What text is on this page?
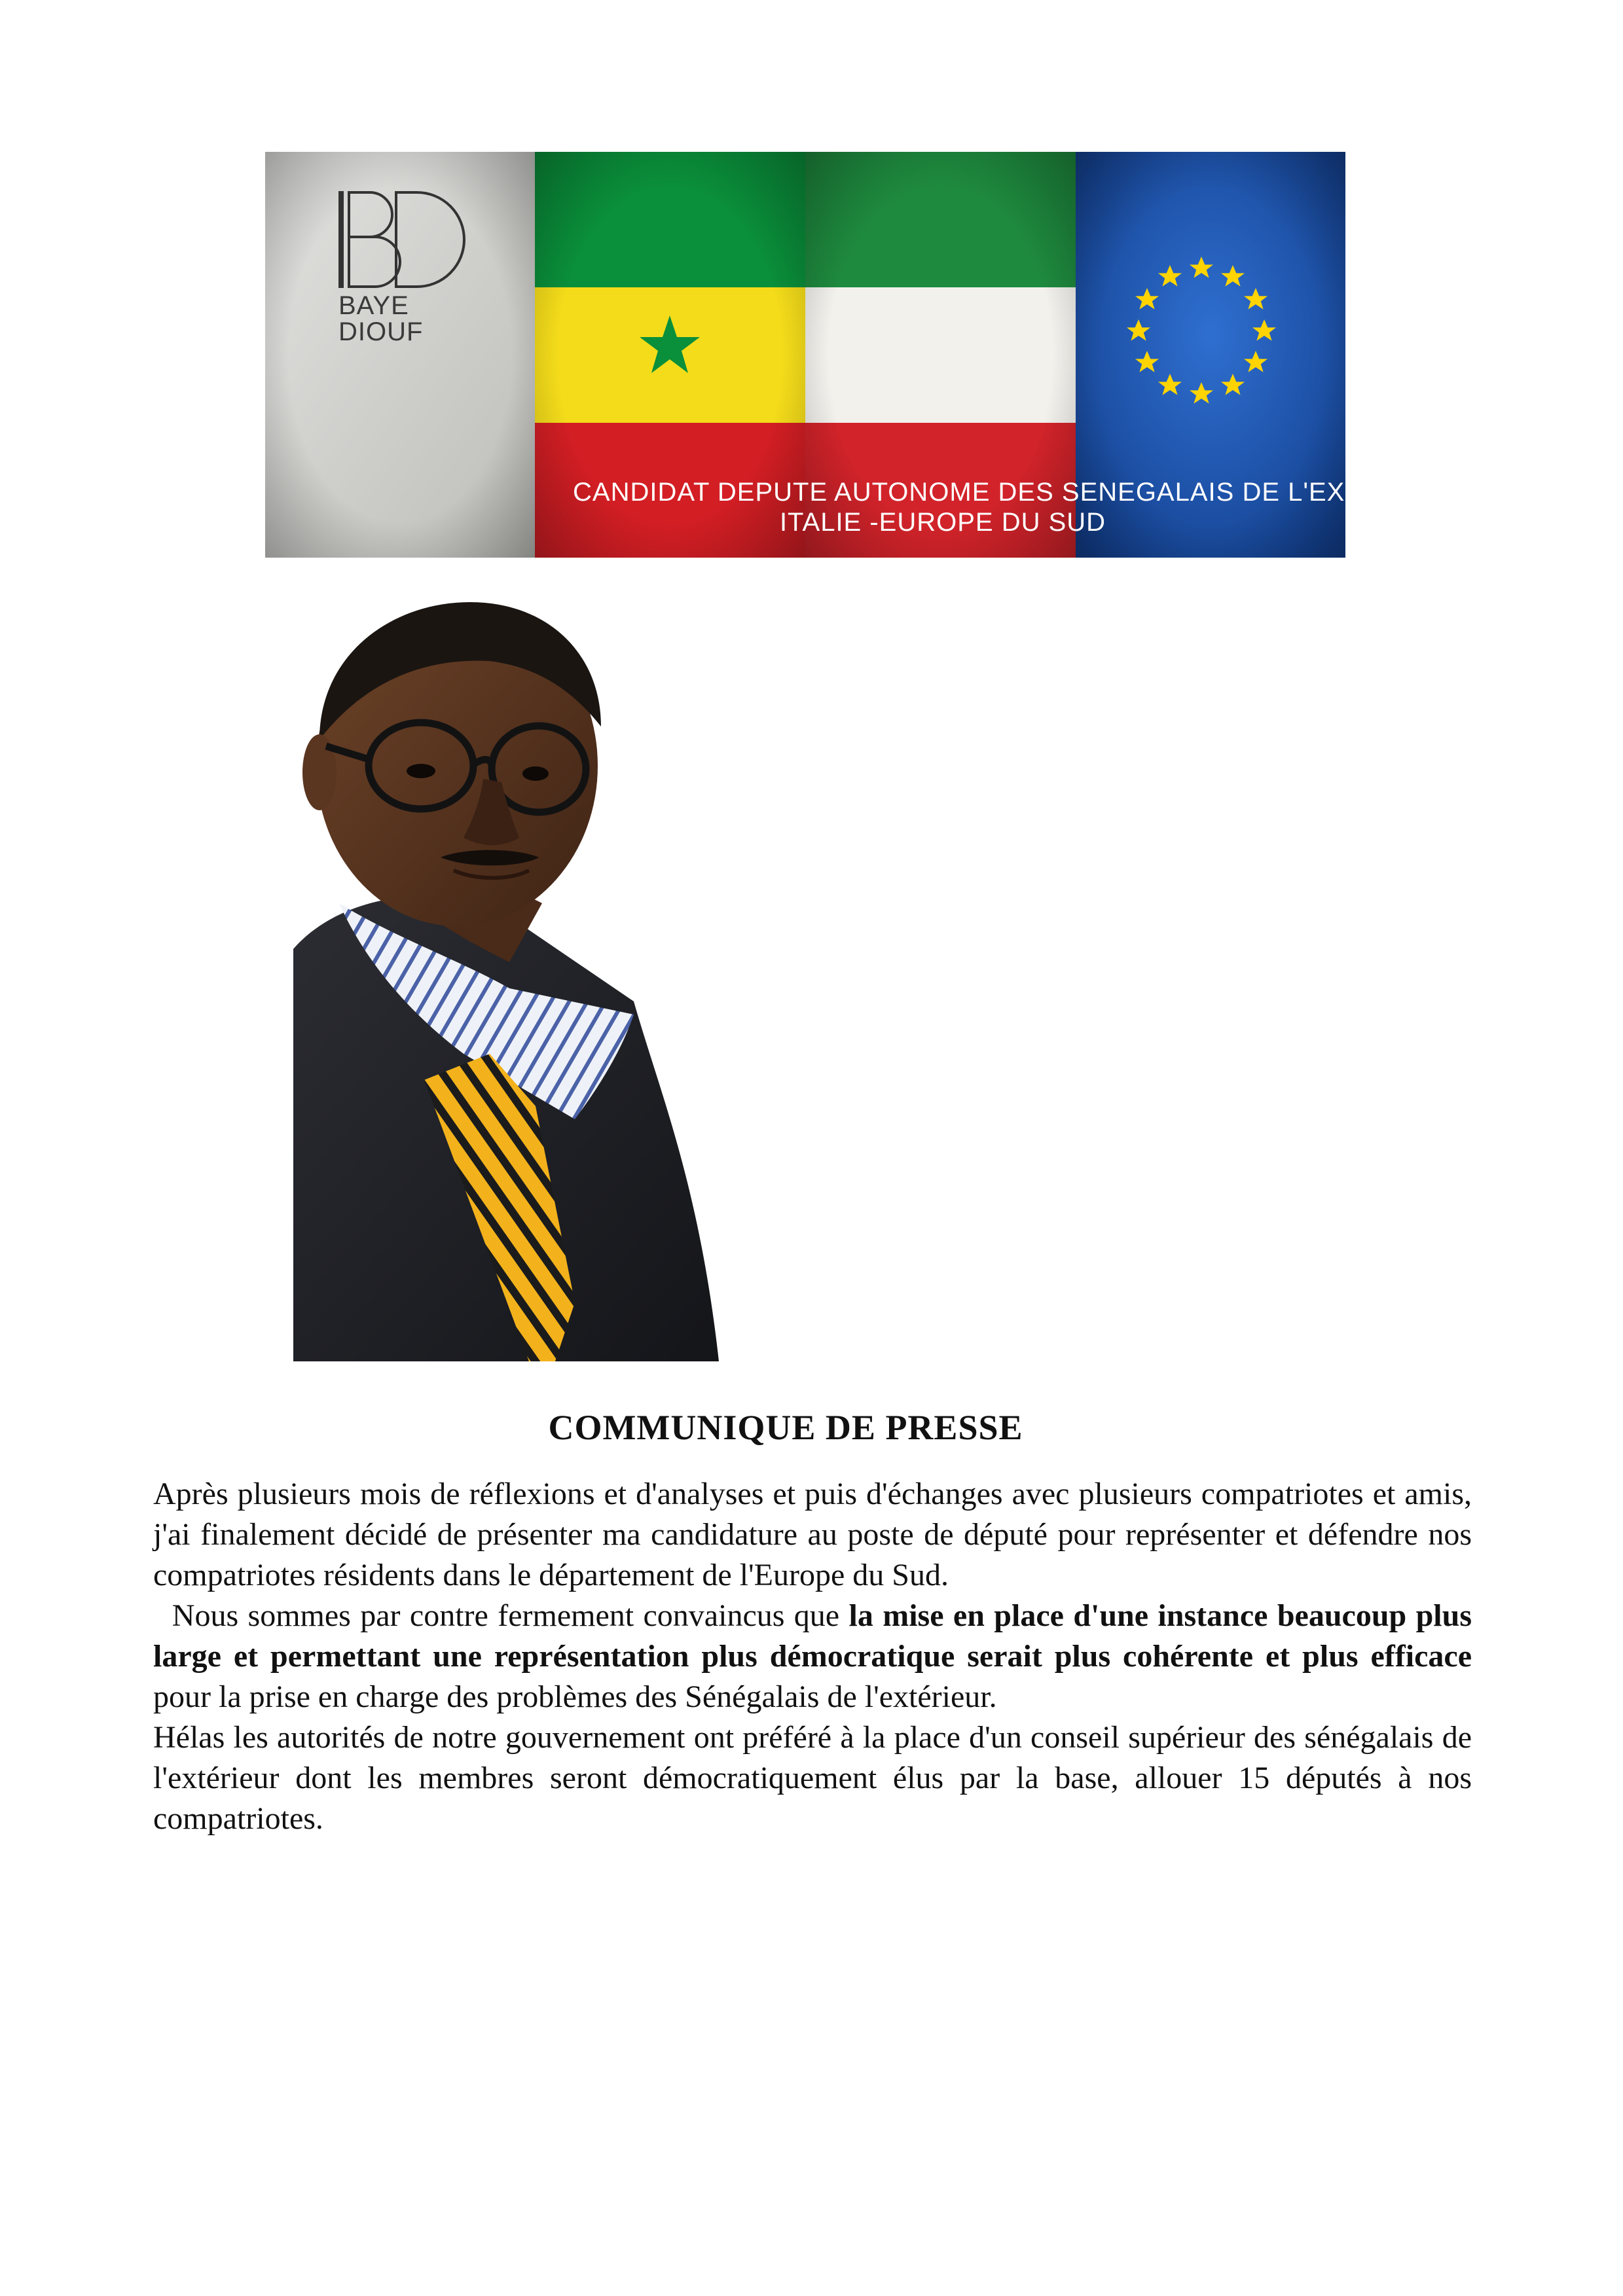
BAYE
DIOUF
CANDIDAT DEPUTE AUTONOME DES SENEGALAIS DE L'EXTERIEUR:
ITALIE -EUROPE DU SUD
COMMUNIQUE DE PRESSE

Après plusieurs mois de réflexions et d'analyses et puis d'échanges avec plusieurs compatriotes et amis, j'ai finalement décidé de présenter ma candidature au poste de député pour représenter et défendre nos compatriotes résidents dans le département de l'Europe du Sud.

Nous sommes par contre fermement convaincus que la mise en place d'une instance beaucoup plus large et permettant une représentation plus démocratique serait plus cohérente et plus efficace pour la prise en charge des problèmes des Sénégalais de l'extérieur.

Hélas les autorités de notre gouvernement ont préféré à la place d'un conseil supérieur des sénégalais de l'extérieur dont les membres seront démocratiquement élus par la base, allouer 15 députés à nos compatriotes.
